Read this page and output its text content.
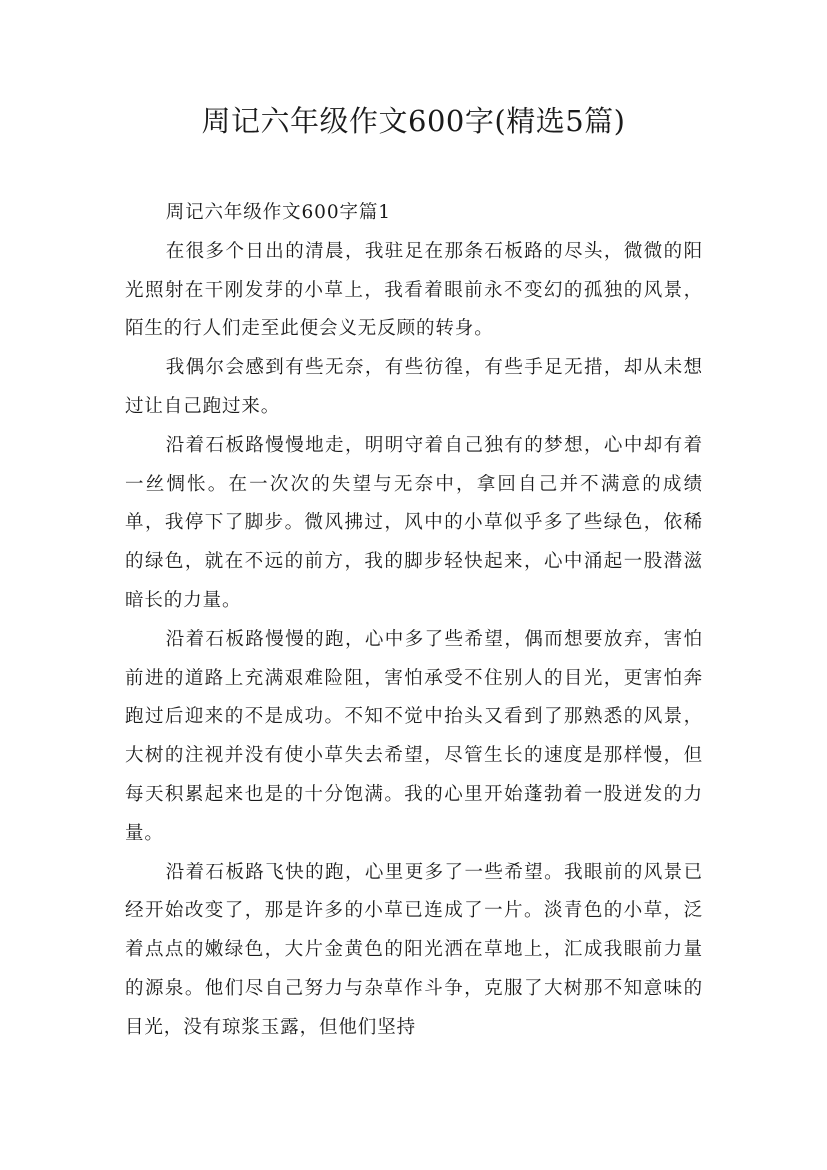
周记六年级作文600字(精选5篇)

周记六年级作文600字篇1

在很多个日出的清晨，我驻足在那条石板路的尽头，微微的阳光照射在干刚发芽的小草上，我看着眼前永不变幻的孤独的风景，陌生的行人们走至此便会义无反顾的转身。

我偶尔会感到有些无奈，有些彷徨，有些手足无措，却从未想过让自己跑过来。

沿着石板路慢慢地走，明明守着自己独有的梦想，心中却有着一丝惆怅。在一次次的失望与无奈中，拿回自己并不满意的成绩单，我停下了脚步。微风拂过，风中的小草似乎多了些绿色，依稀的绿色，就在不远的前方，我的脚步轻快起来，心中涌起一股潜滋暗长的力量。

沿着石板路慢慢的跑，心中多了些希望，偶而想要放弃，害怕前进的道路上充满艰难险阻，害怕承受不住别人的目光，更害怕奔跑过后迎来的不是成功。不知不觉中抬头又看到了那熟悉的风景，大树的注视并没有使小草失去希望，尽管生长的速度是那样慢，但每天积累起来也是的十分饱满。我的心里开始蓬勃着一股迸发的力量。

沿着石板路飞快的跑，心里更多了一些希望。我眼前的风景已经开始改变了，那是许多的小草已连成了一片。淡青色的小草，泛着点点的嫩绿色，大片金黄色的阳光洒在草地上，汇成我眼前力量的源泉。他们尽自己努力与杂草作斗争，克服了大树那不知意味的目光，没有琼浆玉露，但他们坚持
